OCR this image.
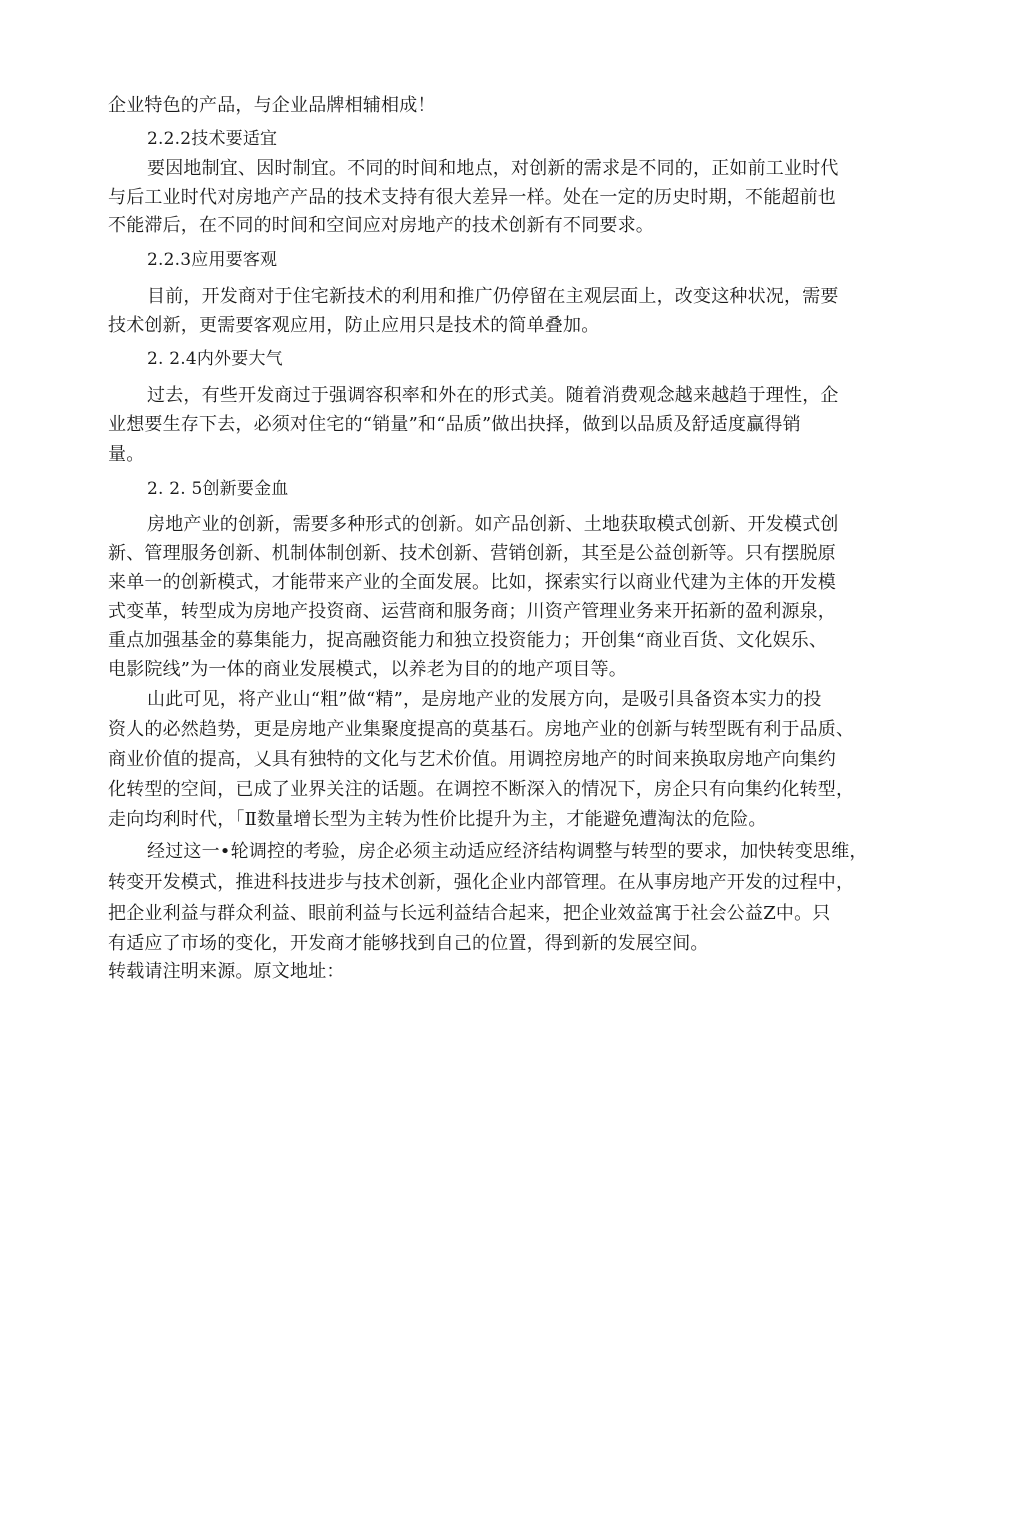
企业特色的产品，与企业品牌相辅相成！
2.2.2技术要适宜
要因地制宜、因时制宜。不同的时间和地点，对创新的需求是不同的，正如前工业时代
与后工业时代对房地产产品的技术支持有很大差异一样。处在一定的历史时期，不能超前也
不能滞后，在不同的时间和空间应对房地产的技术创新有不同要求。
2.2.3应用要客观
目前，开发商对于住宅新技术的利用和推广仍停留在主观层面上，改变这种状况，需要
技术创新，更需要客观应用，防止应用只是技术的简单叠加。
2. 2.4内外要大气
过去，有些开发商过于强调容积率和外在的形式美。随着消费观念越来越趋于理性，企
业想要生存下去，必须对住宅的“销量”和“品质”做出抉择，做到以品质及舒适度赢得销
量。
2. 2. 5创新要金血
房地产业的创新，需要多种形式的创新。如产品创新、土地获取模式创新、开发模式创
新、管理服务创新、机制体制创新、技术创新、营销创新，其至是公益创新等。只有摆脱原
来单一的创新模式，才能带来产业的全面发展。比如，探索实行以商业代建为主体的开发模
式变革，转型成为房地产投资商、运营商和服务商；川资产管理业务来开拓新的盈利源泉，
重点加强基金的募集能力，捉高融资能力和独立投资能力；开创集“商业百货、文化娱乐、
电影院线”为一体的商业发展模式，以养老为目的的地产项目等。
山此可见，将产业山“粗”做“精”，是房地产业的发展方向，是吸引具备资本实力的投
资人的必然趋势，更是房地产业集聚度提高的莫基石。房地产业的创新与转型既有利于品质、
商业价值的提高，乂具有独特的文化与艺术价值。用调控房地产的时间来换取房地产向集约
化转型的空间，已成了业界关注的话题。在调控不断深入的情况下，房企只有向集约化转型，
走向均利时代，「Ⅱ数量增长型为主转为性价比提升为主，才能避免遭淘汰的危险。
经过这一•轮调控的考验，房企必须主动适应经济结构调整与转型的要求，加快转变思维，
转变开发模式，推进科技进步与技术创新，强化企业内部管理。在从事房地产开发的过程中，
把企业利益与群众利益、眼前利益与长远利益结合起来，把企业效益寓于社会公益Z中。只
有适应了市场的变化，开发商才能够找到自己的位置，得到新的发展空间。
转载请注明来源。原文地址：
